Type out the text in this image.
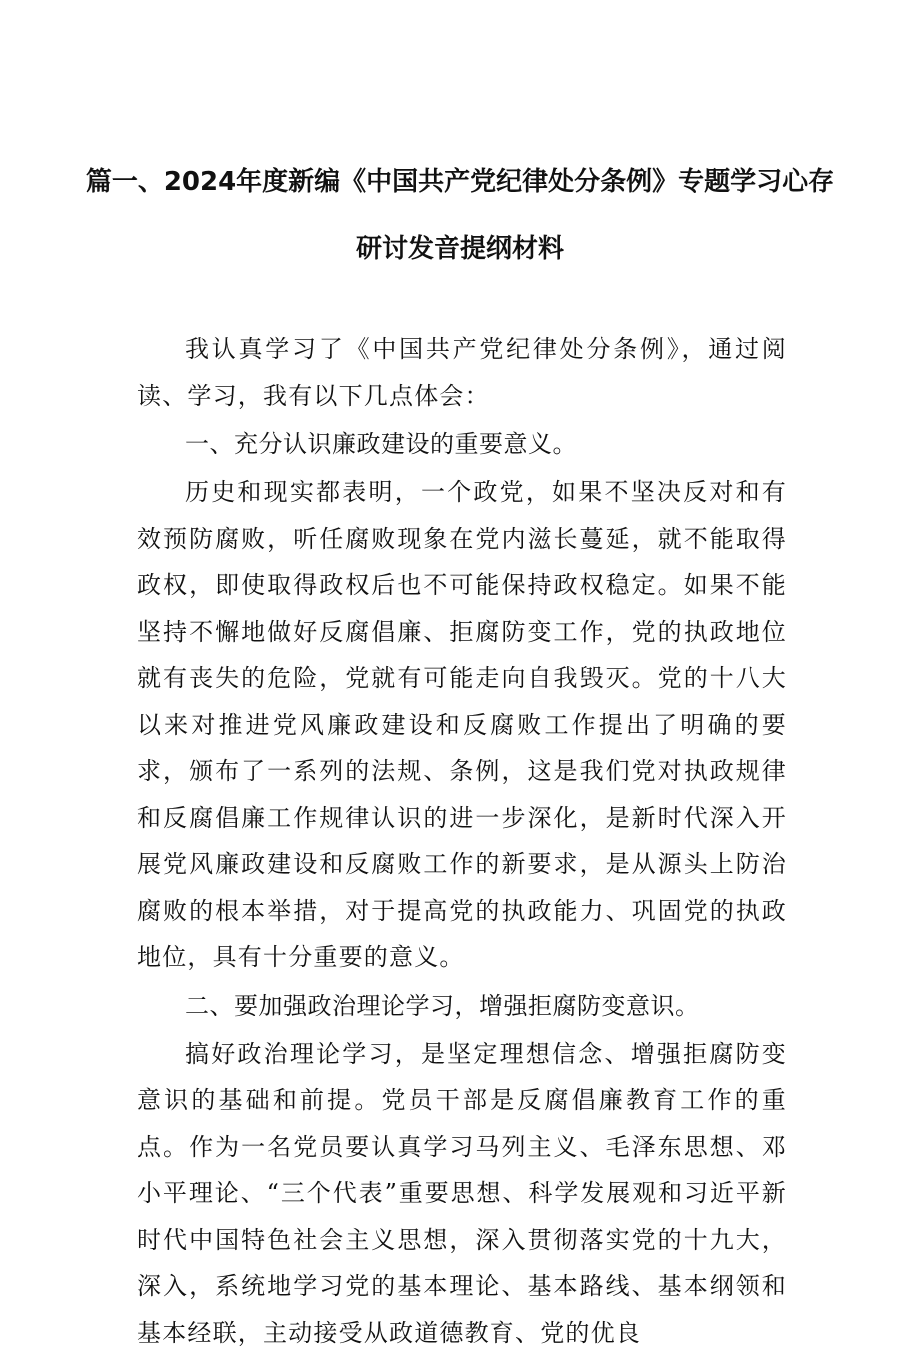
篇一、2024年度新编《中国共产党纪律处分条例》专题学习心存
研讨发音提纲材料

我认真学习了《中国共产党纪律处分条例》，通过阅读、学习，我有以下几点体会：

一、充分认识廉政建设的重要意义。

历史和现实都表明，一个政党，如果不坚决反对和有效预防腐败，听任腐败现象在党内滋长蔓延，就不能取得政权，即使取得政权后也不可能保持政权稳定。如果不能坚持不懈地做好反腐倡廉、拒腐防变工作，党的执政地位就有丧失的危险，党就有可能走向自我毁灭。党的十八大以来对推进党风廉政建设和反腐败工作提出了明确的要求，颁布了一系列的法规、条例，这是我们党对执政规律和反腐倡廉工作规律认识的进一步深化，是新时代深入开展党风廉政建设和反腐败工作的新要求，是从源头上防治腐败的根本举措，对于提高党的执政能力、巩固党的执政地位，具有十分重要的意义。

二、要加强政治理论学习，增强拒腐防变意识。

搞好政治理论学习，是坚定理想信念、增强拒腐防变意识的基础和前提。党员干部是反腐倡廉教育工作的重点。作为一名党员要认真学习马列主义、毛泽东思想、邓小平理论、“三个代表”重要思想、科学发展观和习近平新时代中国特色社会主义思想，深入贯彻落实党的十九大，深入，系统地学习党的基本理论、基本路线、基本纲领和基本经联，主动接受从政道德教育、党的优良
